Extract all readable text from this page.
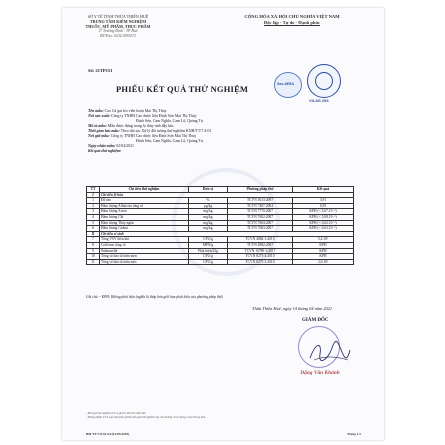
SỞ Y TẾ TỈNH THỪA THIÊN HUẾ
TRUNG TÂM KIỂM NGHIỆM
THUỐC, MỸ PHẨM, THỰC PHẨM
17 Trương Định - TP Huế
ĐT/Fax: 0234.3939272
CỘNG HÒA XÃ HỘI CHỦ NGHĨA VIỆT NAM
Độc lập - Tự do - Hạnh phúc
Số: 21TP151
PHIẾU KẾT QUẢ THỬ NGHIỆM
ilac-MRA
VILAS 293
Tên mẫu: Cao Cà gai leo viên hoàn Mai Thị Thủy
Nơi sản xuất: Công ty TNHH Cao dược liệu Định Sơn Mai Thị Thủy
Định Sơn, Cam Nghĩa, Cam Lộ, Quảng Trị
Mô tả mẫu: Mẫu được đựng trong lọ thủy tinh đậy kín.
Thời gian lưu mẫu: Theo thủ tục Xử lý đối tượng thử nghiệm KNH/TT/7.4-01
Nơi gửi mẫu: Công ty TNHH Cao dược liệu Định Sơn Mai Thị Thủy
Định Sơn, Cam Nghĩa, Cam Lộ, Quảng Trị
Ngày nhận mẫu: 02/04/2021
Kết quả thử nghiệm:
TT	Chỉ tiêu thử nghiệm	Đơn vị	Phương pháp thử	Kết quả
I	Chỉ tiêu lý hóa			
1	Độ ẩm	%	TCVN 5613:2007	3,91
2	Hàm lượng Aflatoxin tổng số	µg/kg	TCVN 7407:2004	0,59
3	Hàm lượng Arsen	mg/kg	TCVN 7770:2007	KPH (< 5,67.10⁻³)
4	Hàm lượng Chì	mg/kg	TCVN 7602:2007	KPH (< 5,08.10⁻³)
5	Hàm lượng Thủy ngân	mg/kg	TCVN 7604:2007	KPH (< 0,62.10⁻³)
6	Hàm lượng Cadmi	mg/kg	TCVN 7603:2007	KPH (< 0,63.10⁻³)
II	Chỉ tiêu vi sinh			
7	Tổng VSV hiếu khí	CFU/g	TCVN 4884-1:2015	5,4.10³
8	Coliform tổng số	MPN/g	TCVN 4882:2007	KPH
9	Salmonella	Phát hiện/25g	TCVN 10780-1:2017	KPH
10	Tổng số bào tử nấm men	CFU/g	TCVN 8275-2:2010	KPH
11	Tổng số bào tử nấm mốc	CFU/g	TCVN 8275-2:2010	2,0.10²
Ghi chú: - KPH: Không phát hiện (nghĩa là thấp hơn giới hạn phát hiện của phương pháp thử)
Thừa Thiên Huế, ngày 14 tháng 04 năm 2021
GIÁM ĐỐC
Dặng Văn Khánh
- Kết quả thử nghiệm chỉ có giá trị đối với mẫu thử.
- Không được trích sao một phần phiếu kết quả thử nghiệm này nếu không có sự đồng ý của Trung tâm.
BM TT/7.8-01.04 (01/03/2019)	Trang 1/1
